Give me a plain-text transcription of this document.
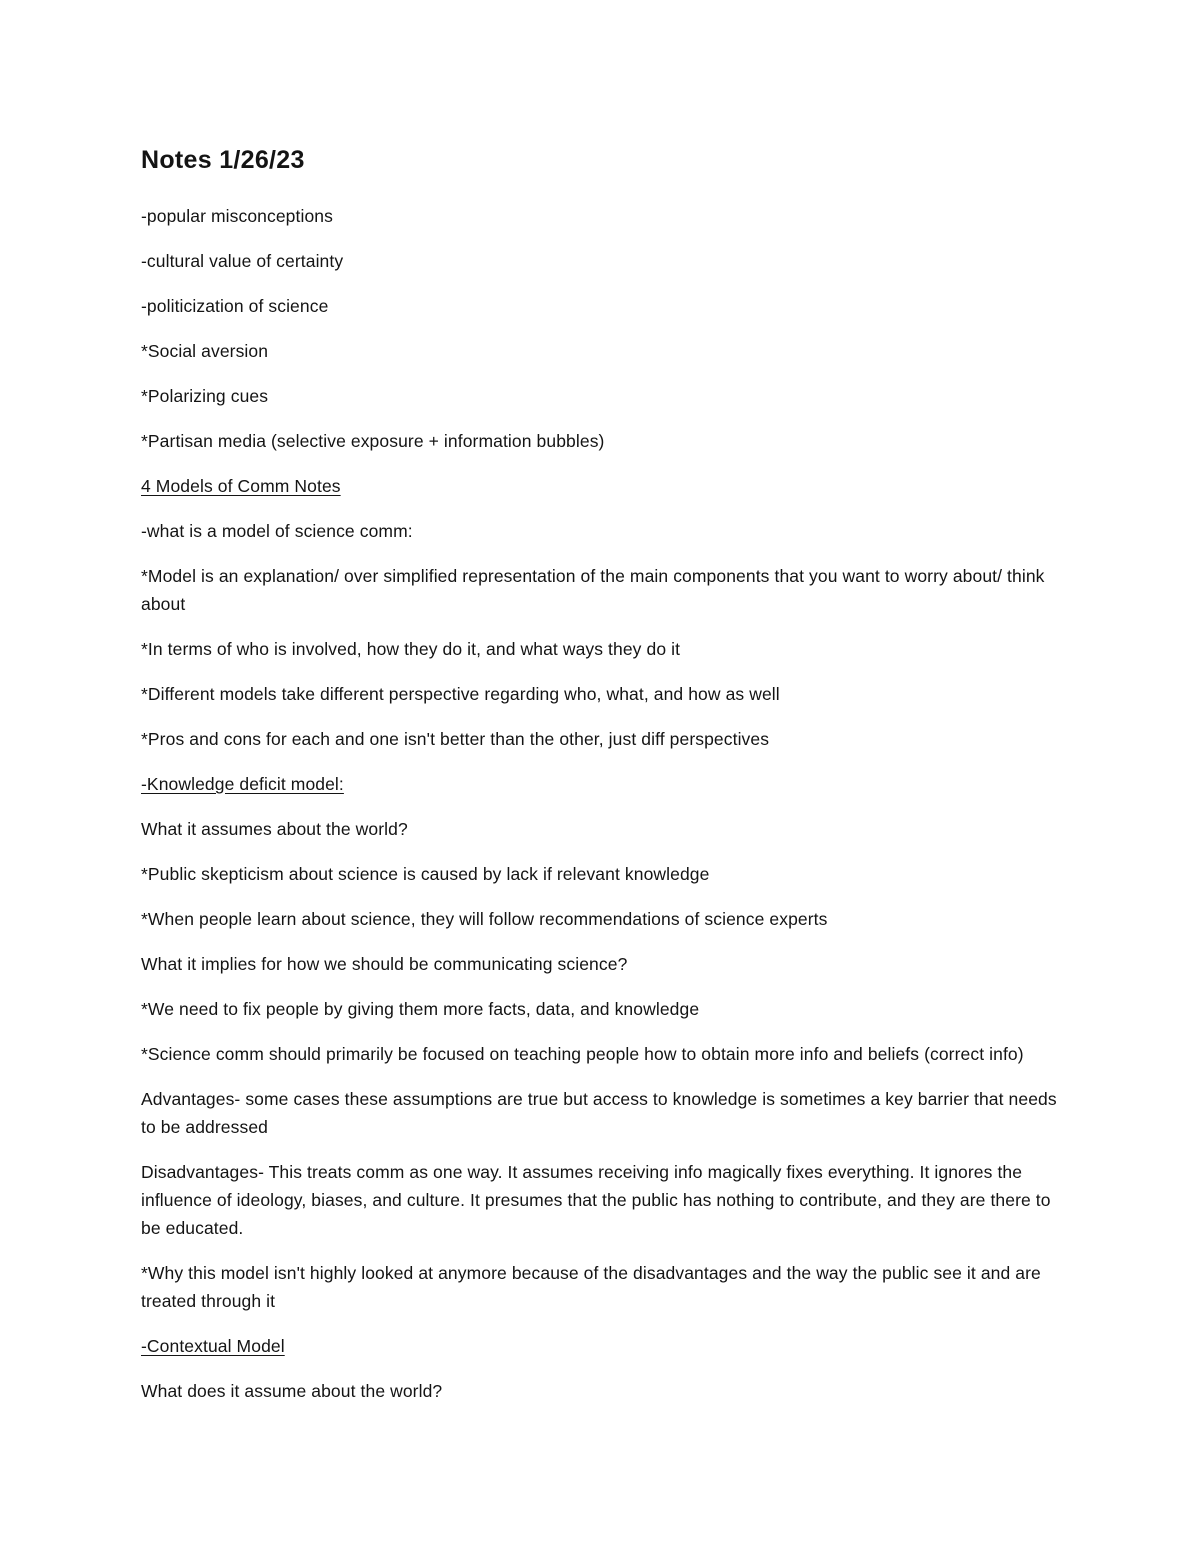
Notes 1/26/23
-popular misconceptions
-cultural value of certainty
-politicization of science
*Social aversion
*Polarizing cues
*Partisan media (selective exposure + information bubbles)
4 Models of Comm Notes
-what is a model of science comm:
*Model is an explanation/ over simplified representation of the main components that you want to worry about/ think about
*In terms of who is involved, how they do it, and what ways they do it
*Different models take different perspective regarding who, what, and how as well
*Pros and cons for each and one isn't better than the other, just diff perspectives
-Knowledge deficit model:
What it assumes about the world?
*Public skepticism about science is caused by lack if relevant knowledge
*When people learn about science, they will follow recommendations of science experts
What it implies for how we should be communicating science?
*We need to fix people by giving them more facts, data, and knowledge
*Science comm should primarily be focused on teaching people how to obtain more info and beliefs (correct info)
Advantages- some cases these assumptions are true but access to knowledge is sometimes a key barrier that needs to be addressed
Disadvantages- This treats comm as one way. It assumes receiving info magically fixes everything. It ignores the influence of ideology, biases, and culture. It presumes that the public has nothing to contribute, and they are there to be educated.
*Why this model isn't highly looked at anymore because of the disadvantages and the way the public see it and are treated through it
-Contextual Model
What does it assume about the world?
